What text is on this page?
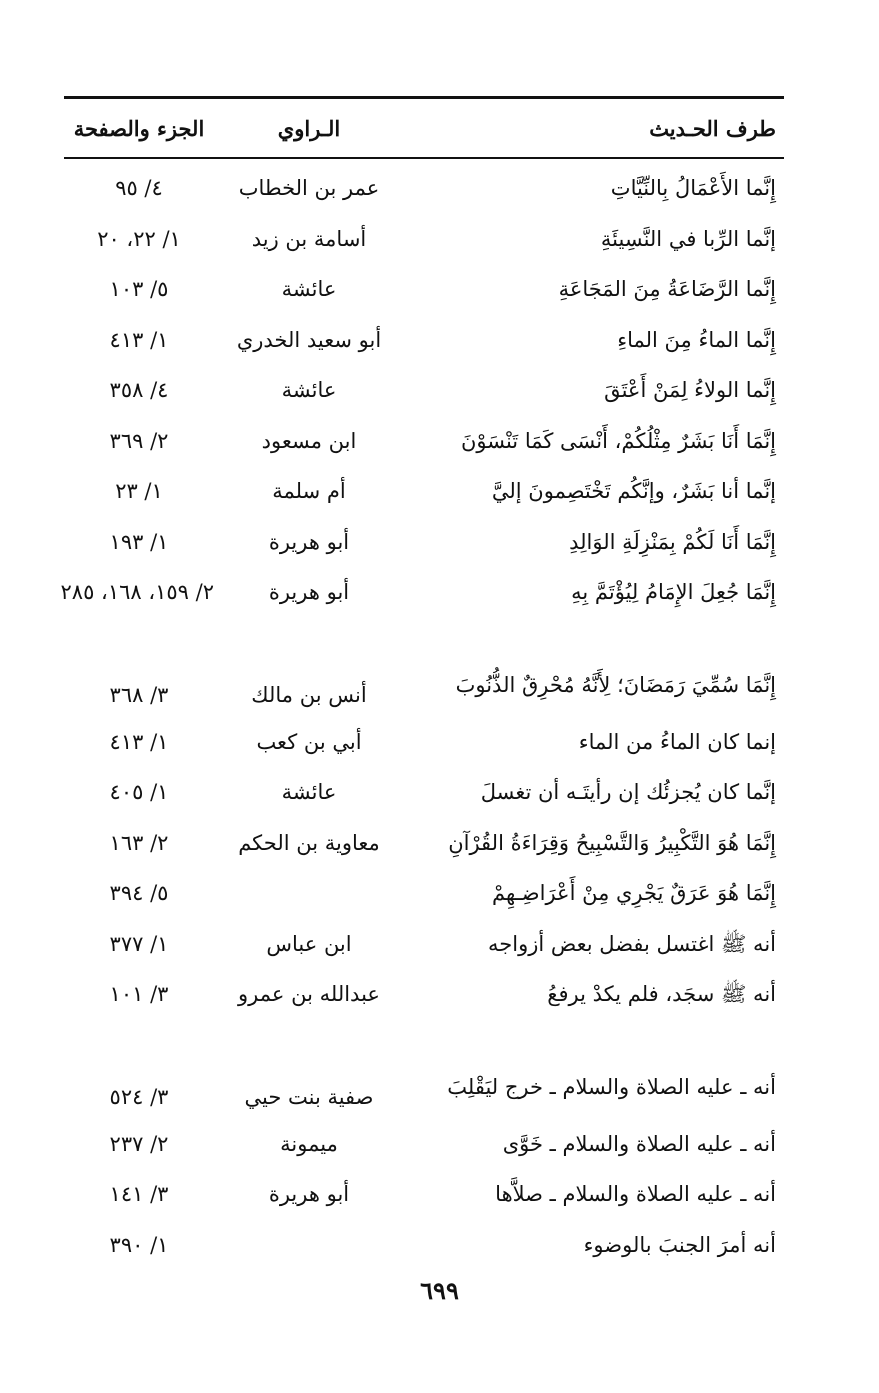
طرف الحـديث
الـراوي
الجزء والصفحة
إِنَّما الأَعْمَالُ بِالنِّيَّاتِ
عمر بن الخطاب
٤/ ٩٥
إنَّما الرِّبا في النَّسِيئَةِ
أسامة بن زيد
١/ ٢٢، ٢٠
إِنَّما الرَّضَاعَةُ مِنَ المَجَاعَةِ
عائشة
٥/ ١٠٣
إِنَّما الماءُ مِنَ الماءِ
أبو سعيد الخدري
١/ ٤١٣
إِنَّما الولاءُ لِمَنْ أَعْتَقَ
عائشة
٤/ ٣٥٨
إِنَّمَا أَنَا بَشَرٌ مِثْلُكُمْ، أَنْسَى كَمَا تَنْسَوْنَ
ابن مسعود
٢/ ٣٦٩
إنَّما أنا بَشَرٌ، وإنَّكُم تَخْتَصِمونَ إليَّ
أم سلمة
١/ ٢٣
إِنَّمَا أَنَا لَكُمْ بِمَنْزِلَةِ الوَالِدِ
أبو هريرة
١/ ١٩٣
إِنَّمَا جُعِلَ الإِمَامُ لِيُؤْتَمَّ بِهِ
أبو هريرة
٢/ ١٥٩، ١٦٨، ٢٨٥
إِنَّمَا سُمِّيَ رَمَضَانَ؛ لِأَنَّهُ مُحْرِقٌ الذُّنُوبَ
أنس بن مالك
٣/ ٣٦٨
إنما كان الماءُ من الماء
أبي بن كعب
١/ ٤١٣
إنَّما كان يُجزئُك إن رأيتَـه أن تغسلَ
عائشة
١/ ٤٠٥
إِنَّمَا هُوَ التَّكْبِيرُ وَالتَّسْبِيحُ وَقِرَاءَةُ القُرْآنِ
معاوية بن الحكم
٢/ ١٦٣
إِنَّمَا هُوَ عَرَقٌ يَجْرِي مِنْ أَعْرَاضِـهِمْ
٥/ ٣٩٤
أنه ﷺ اغتسل بفضل بعض أزواجه
ابن عباس
١/ ٣٧٧
أنه ﷺ سجَد، فلم يكدْ يرفعُ
عبدالله بن عمرو
٣/ ١٠١
أنه ـ عليه الصلاة والسلام ـ خرج ليَقْلِبَ
صفية بنت حيي
٣/ ٥٢٤
أنه ـ عليه الصلاة والسلام ـ خَوَّى
ميمونة
٢/ ٢٣٧
أنه ـ عليه الصلاة والسلام ـ صلاَّها
أبو هريرة
٣/ ١٤١
أنه أمرَ الجنبَ بالوضوء
١/ ٣٩٠
٦٩٩
